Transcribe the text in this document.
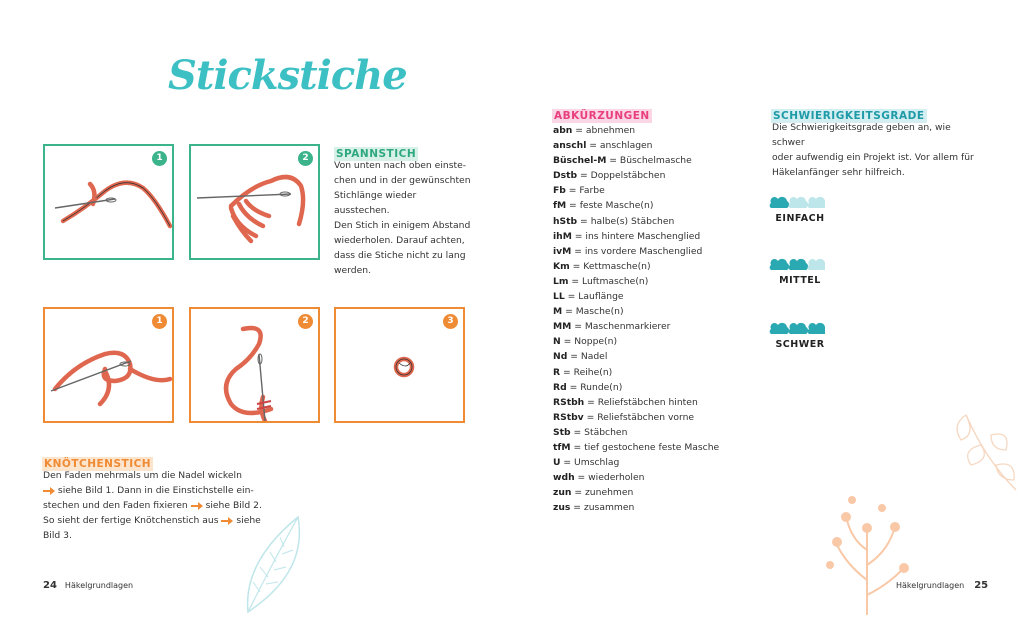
Stickstiche
1	2	SPANNSTICH
Von unten nach oben einste-
chen und in der gewünschten
Stichlänge wieder ausstechen.
Den Stich in einigem Abstand
wiederholen. Darauf achten,
dass die Stiche nicht zu lang
werden.
1	2	3
KNÖTCHENSTICH
Den Faden mehrmals um die Nadel wickeln
siehe Bild 1. Dann in die Einstichstelle ein-
stechen und den Faden fixieren siehe Bild 2.
So sieht der fertige Knötchenstich aus siehe
Bild 3.
ABKÜRZUNGEN
abn = abnehmen
anschl = anschlagen
Büschel-M = Büschelmasche
Dstb = Doppelstäbchen
Fb = Farbe
fM = feste Masche(n)
hStb = halbe(s) Stäbchen
ihM = ins hintere Maschenglied
ivM = ins vordere Maschenglied
Km = Kettmasche(n)
Lm = Luftmasche(n)
LL = Lauflänge
M = Masche(n)
MM = Maschenmarkierer
N = Noppe(n)
Nd = Nadel
R = Reihe(n)
Rd = Runde(n)
RStbh = Reliefstäbchen hinten
RStbv = Reliefstäbchen vorne
Stb = Stäbchen
tfM = tief gestochene feste Masche
U = Umschlag
wdh = wiederholen
zun = zunehmen
zus = zusammen
SCHWIERIGKEITSGRADE
Die Schwierigkeitsgrade geben an, wie schwer
oder aufwendig ein Projekt ist. Vor allem für
Häkelanfänger sehr hilfreich.
EINFACH
MITTEL
SCHWER
24 Häkelgrundlagen	Häkelgrundlagen 25
